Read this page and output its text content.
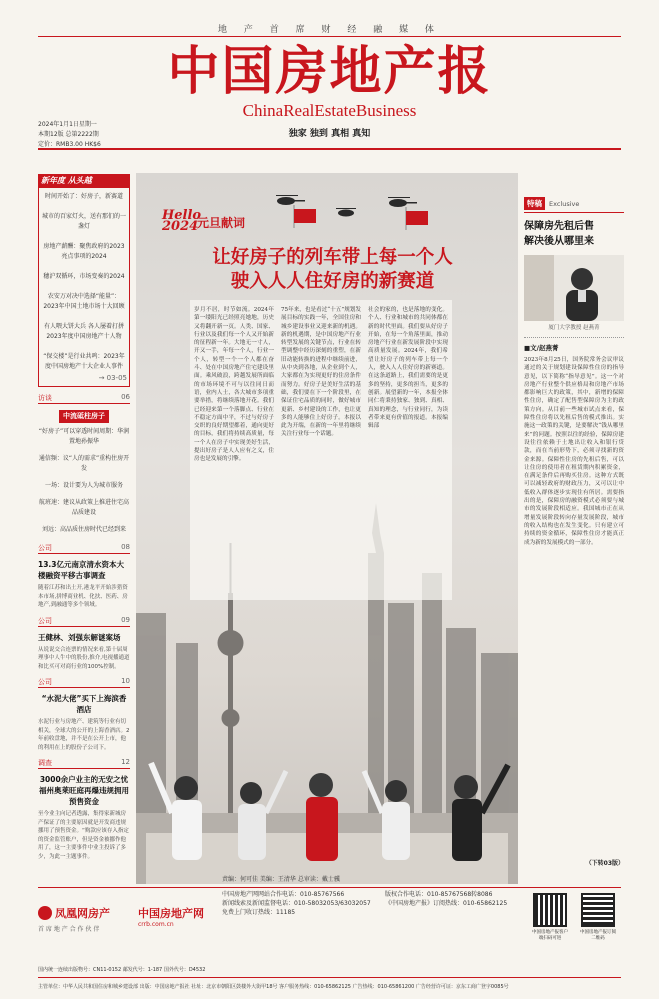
地 产 首 席 财 经 融 媒 体
中国房地产报
ChinaRealEstateBusiness
独家 独到 真相 真知
2024年1月1日星期一
本期12版 总第2222期
定价：RMB3.00 HK$6
新年度 从头越
时间开始了：好房子，新赛道
城市的百家灯火，送有那们的一盏灯
房地产薪酬：聚焦政府的2023 亮点事项的2024
穗沪双循环，市场变奏的2024
农安万对决中选择“能量”：2023年中国土地市场十大回顾
有人喂大饼大兵 各人屡着打拼 2023年度中国房地产十人物
“保交楼”是行业共鸣：2023年度中国房地产十大企业人事件
→ 03-05
访谈	06
中流砥柱房子
“好房子”可以穿透时间周期：华润置地孙振华
通信频：议“人的需求”重构住房开发
一场：设计要为人为城市服务
航班速：建议从政策上推进住宅高品质建设
刘远：高品质住房时代已经到来
公司	08
13.3亿元南京清水资本大楼融资平移古事调查
随着江苏和出土开,港龙平开始涉猎资本市场,拼博商业机、化扶、医药、房地产,到融通等多个领域。
公司	09
王健林、刘强东解谜案场
从说说交合连票的情况来看,第十届周理事中人牛中的股份,推介,电视播通道和比买可对商行业的100%控制。
公司	10
“水泥大佬”买下上海滨香酒店
水泥行业与房地产、建筑等行业有切相关，全球大的公开的上海香酒店。2年前收盘地，并不是在公开上市，他的利用在上的股份子公司下。
调查	12
3000余户业主的无安之忧 福州奥莱旺庭再爆违规拥用预售资金
至今业主向记者透露，集得家新城房产保证了的主要原因就是开发商违规挪用了预售资金。“购款应该存入指定的资金监管账户，但是资金被挪作他用了，这一主要事件中业主投诉了多少，为此一主题事件。
Hello 2024
元旦献词
让好房子的列车带上每一个人
驶入人人住好房的新赛道
岁月不居，时节如流。2024年第一缕阳光已经照亮她地，历史又将翻开新一页。人类、国家、行业以及我们每一个人又开始新的征程新一年。大地无一寸人，开又一手，年每一个人，行业一个人，转型一个一个人都在奋斗、处在中国房地产住宅建设里面。乘风破浪，跨越发展所面临的市场环境不可与以往同日而语，业内人士，各大城市多项重要举措，将继续落地开花。我们已经迎来第一个落脚点、行业在不稳定方面中平，不过与好房子交织的良好期望都着，通向更好的目标，我们将持续高质量，每一个人在房子中实现美好生活，提出好房子是人人应有之义，住房也是发展的引擎。
75年来，也是看过“十五”规划发展目标的实践一年，全国住房和城乡建设事业又迎来新的机遇。新的机遇期，是中国房地产行业转型发展的关键节点，行业在转型调整中经历深刻的重塑，在新旧动能转换的进程中继续前进，从中央到各地，从企业到个人，大家都在为实现更好的住房条件而努力。好房子是美好生活的基础，我们要在下一个阶段里，在保证住宅品质的同时，做好城市更新、乡村建设的工作，也让更多的人能够住上好房子。本报以此为开端，在新的一年里将继续关注行业每一个话题。
社会的家的，也是落地的变化。个人、行业和城市的共同体都在新的时代里面。我们要从好房子开始，在每一个角落里面，推动房地产行业在新发展阶段中实现高质量发展。2024年，我们希望让好房子的列车带上每一个人，驶入人人住好房的新赛道。在这条道路上，我们需要的是更多的坚持，更多的担当，更多的创新。展望新的一年，本报全体同仁将秉持独家、独到、真相、真知的理念，与行业同行，为读者带来更有价值的报道。本报编辑部
特稿	Exclusive
保障房先租后售
解决後从哪里来
厦门大学教授 赵燕菁
■文/赵燕菁
2023年8月25日，国务院常务会议审议通过的关于规划建设保障性住房的指导意见，以下简称“指导意见”。这一个对房地产行业整个供应格局和房地产市场都影响巨大的政策，其中，新增的保障性住房，确定了配售型保障房为主的政策方向。从目前一些城市试点来看，保障性住房将以先租后售的模式推出。实施这一政策的关键，是要解决“钱从哪里来”的问题。按照以往的经验，保障房建设往往依赖于土地出让收入和银行贷款，而在当前形势下，必须寻找新的资金来源。保障性住房的先租后售，可以让住房的使用者在租赁期内积累资金，在满足条件后再购买住房。这种方式既可以减轻政府的财政压力，又可以让中低收入群体逐步实现住有所居。需要指出的是，保障房的融资模式必须要与城市的发展阶段相适应。我国城市正在从增量发展阶段转向存量发展阶段，城市的收入结构也在发生变化。只有建立可持续的资金循环，保障性住房才能真正成为新的发展模式的一部分。
（下转03版）
责编：何可佳 美编：王清华 总审读：戴士骥
凤凰网房产
首 席 地 产 合 作 伙 伴
中国房地产网
crrb.com.cn
中国房地产网网站合作电话：010-85767566
新闻线索及新闻监督电话：010-58032053/63032057
免费上门收订热线：11185
版权合作电话：010-85767568转8086
《中国房地产报》订阅热线：010-65862125
中国房地产报客户端扫码可进
中国房地产报订阅二维码
国内统一连续出版物号：CN11-0152 邮发代号：1-187 国外代号：D4532
主管单位：中华人民共和国住房和城乡建设部 出版：中国房地产报社 社址：北京市朝阳区鼓楼外大街甲18号 客户服务热线：010-65862125 广告热线：010-65861200 广告经营许可证：京东工商广登字0085号
